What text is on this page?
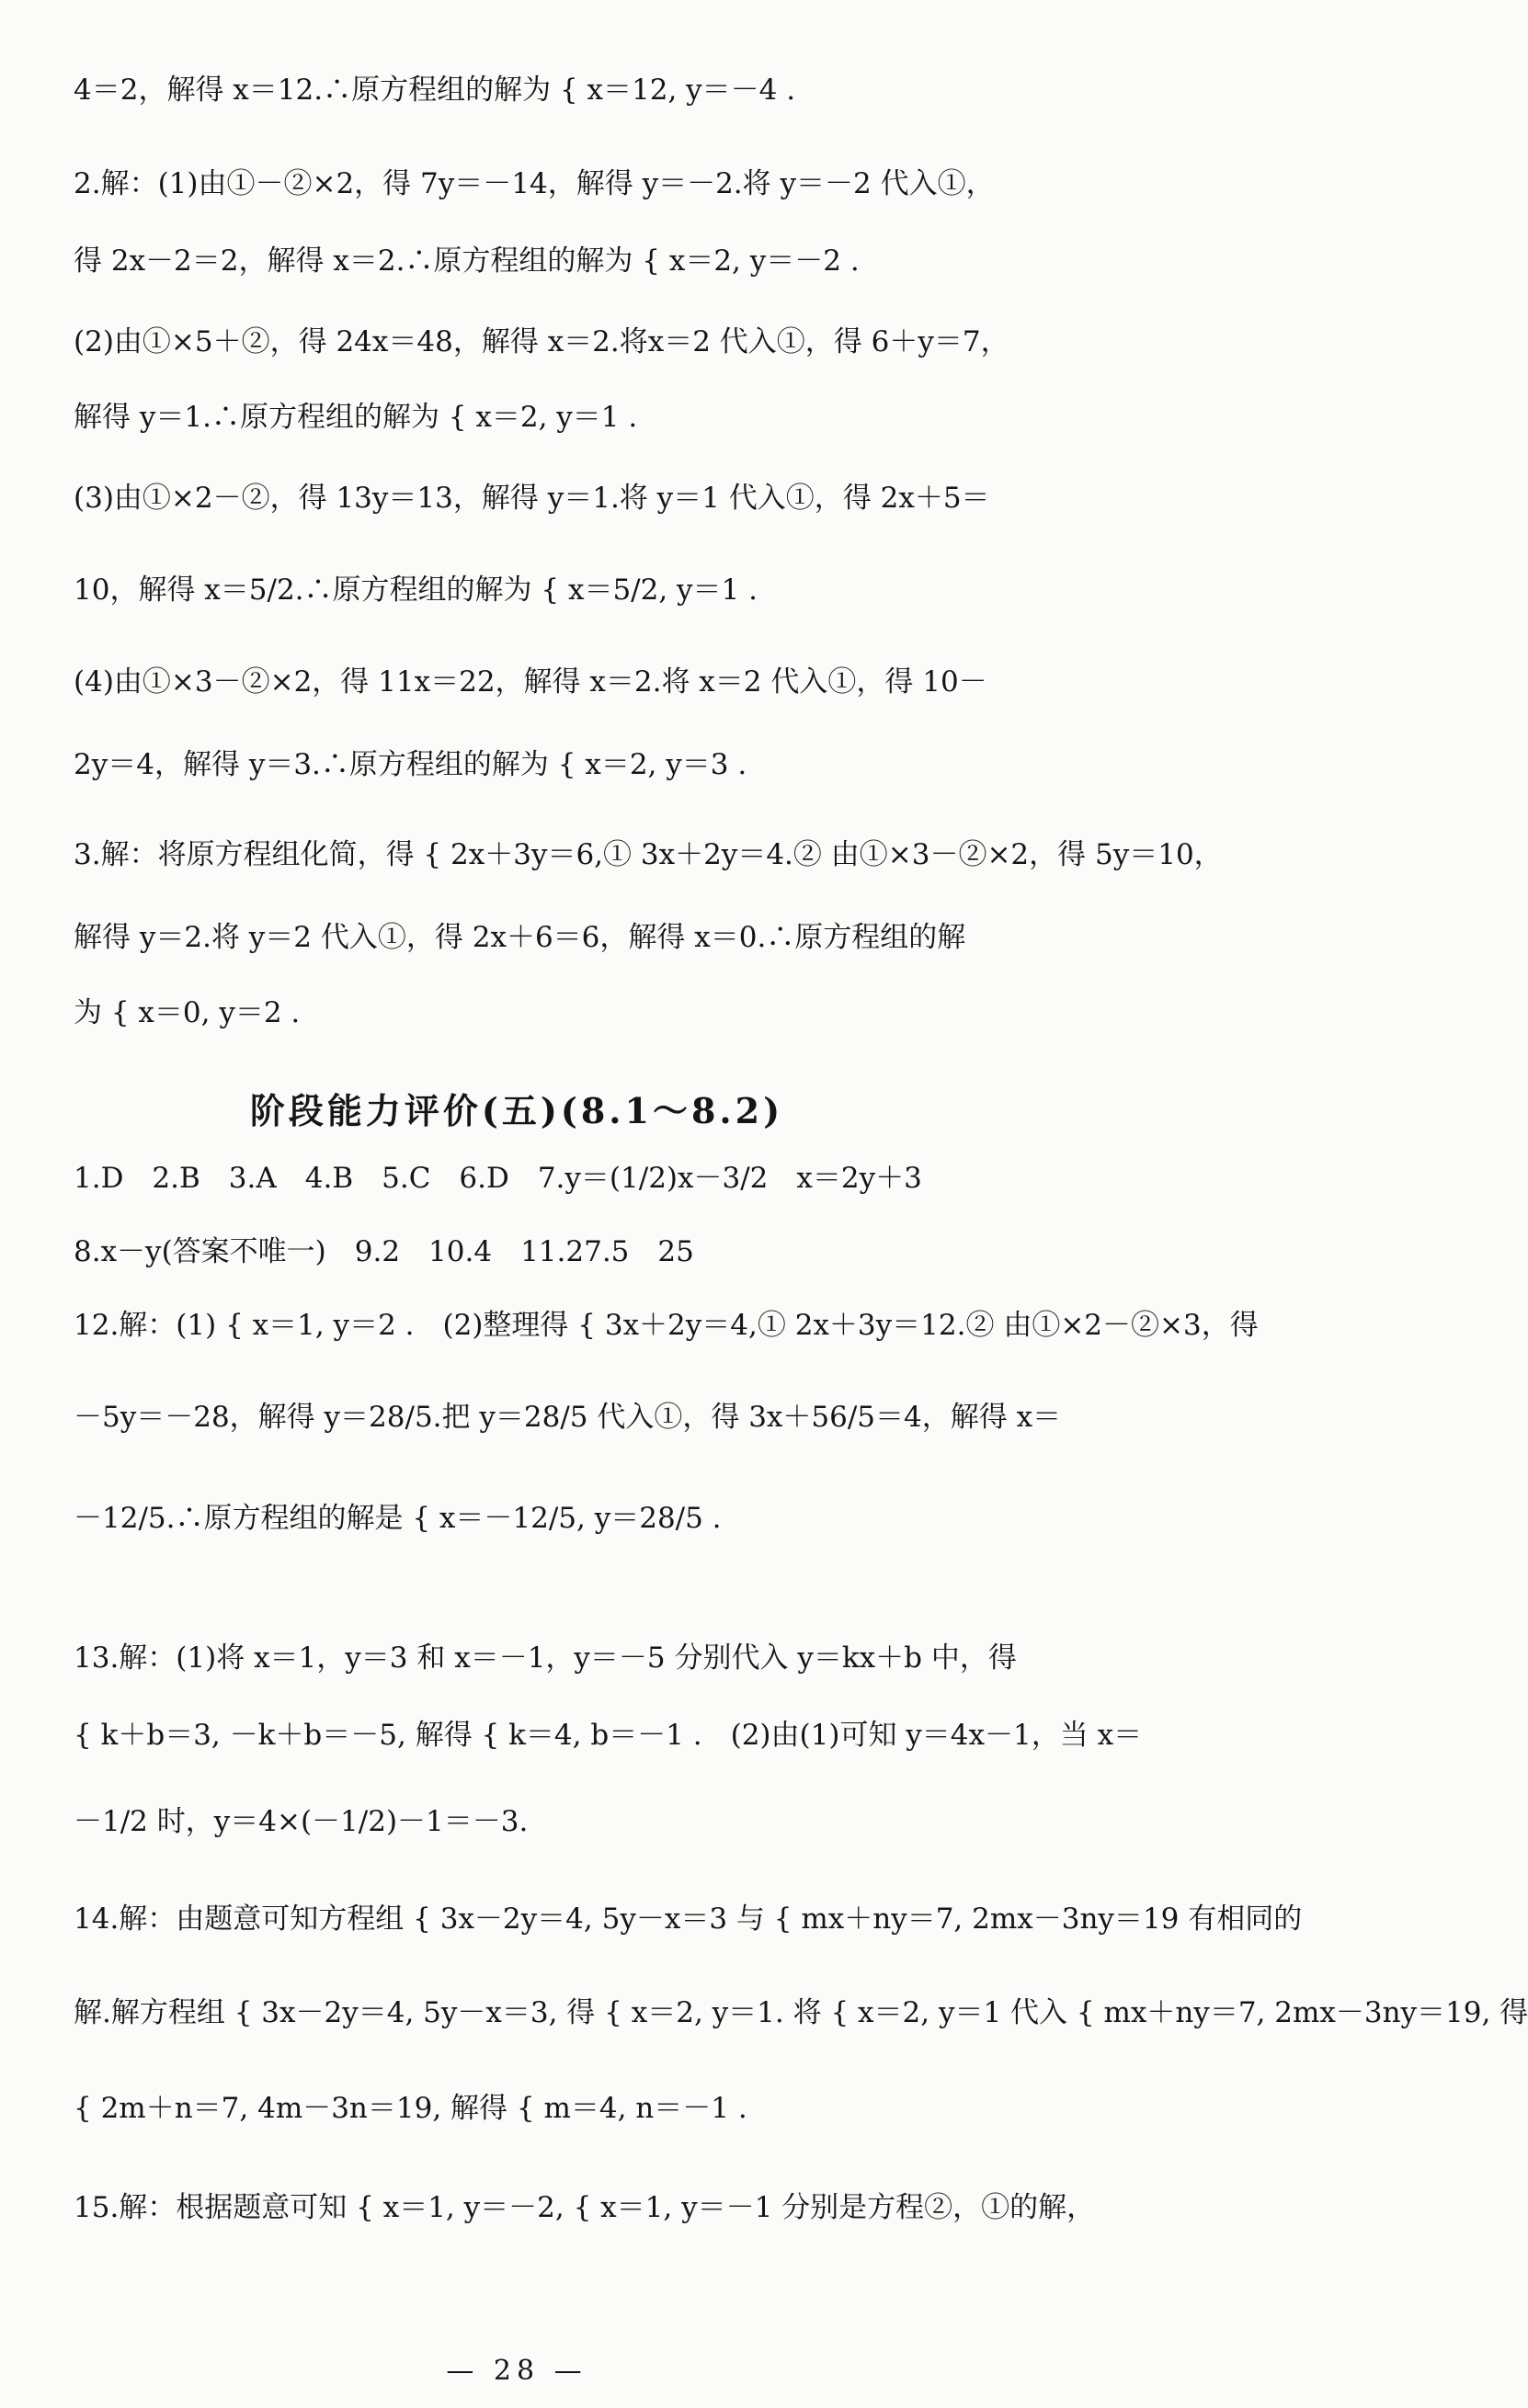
4＝2，解得 x＝12.∴原方程组的解为 { x＝12, y＝－4 .
2.解：(1)由①－②×2，得 7y＝－14，解得 y＝－2.将 y＝－2 代入①，
得 2x－2＝2，解得 x＝2.∴原方程组的解为 { x＝2, y＝－2 .
(2)由①×5＋②，得 24x＝48，解得 x＝2.将x＝2 代入①，得 6＋y＝7，
解得 y＝1.∴原方程组的解为 { x＝2, y＝1 .
(3)由①×2－②，得 13y＝13，解得 y＝1.将 y＝1 代入①，得 2x＋5＝
10，解得 x＝5/2.∴原方程组的解为 { x＝5/2, y＝1 .
(4)由①×3－②×2，得 11x＝22，解得 x＝2.将 x＝2 代入①，得 10－
2y＝4，解得 y＝3.∴原方程组的解为 { x＝2, y＝3 .
3.解：将原方程组化简，得 { 2x＋3y＝6,① 3x＋2y＝4.② 由①×3－②×2，得 5y＝10，
解得 y＝2.将 y＝2 代入①，得 2x＋6＝6，解得 x＝0.∴原方程组的解
为 { x＝0, y＝2 .
阶段能力评价(五)(8.1～8.2)
1.D　2.B　3.A　4.B　5.C　6.D　7.y＝(1/2)x－3/2　x＝2y＋3
8.x－y(答案不唯一)　9.2　10.4　11.27.5　25
12.解：(1) { x＝1, y＝2 .　(2)整理得 { 3x＋2y＝4,① 2x＋3y＝12.② 由①×2－②×3，得
－5y＝－28，解得 y＝28/5.把 y＝28/5 代入①，得 3x＋56/5＝4，解得 x＝
－12/5.∴原方程组的解是 { x＝－12/5, y＝28/5 .
13.解：(1)将 x＝1，y＝3 和 x＝－1，y＝－5 分别代入 y＝kx＋b 中，得
{ k＋b＝3, －k＋b＝－5, 解得 { k＝4, b＝－1 .　(2)由(1)可知 y＝4x－1，当 x＝
－1/2 时，y＝4×(－1/2)－1＝－3.
14.解：由题意可知方程组 { 3x－2y＝4, 5y－x＝3 与 { mx＋ny＝7, 2mx－3ny＝19 有相同的
解.解方程组 { 3x－2y＝4, 5y－x＝3, 得 { x＝2, y＝1. 将 { x＝2, y＝1 代入 { mx＋ny＝7, 2mx－3ny＝19, 得
{ 2m＋n＝7, 4m－3n＝19, 解得 { m＝4, n＝－1 .
15.解：根据题意可知 { x＝1, y＝－2, { x＝1, y＝－1 分别是方程②，①的解，
— 28 —
